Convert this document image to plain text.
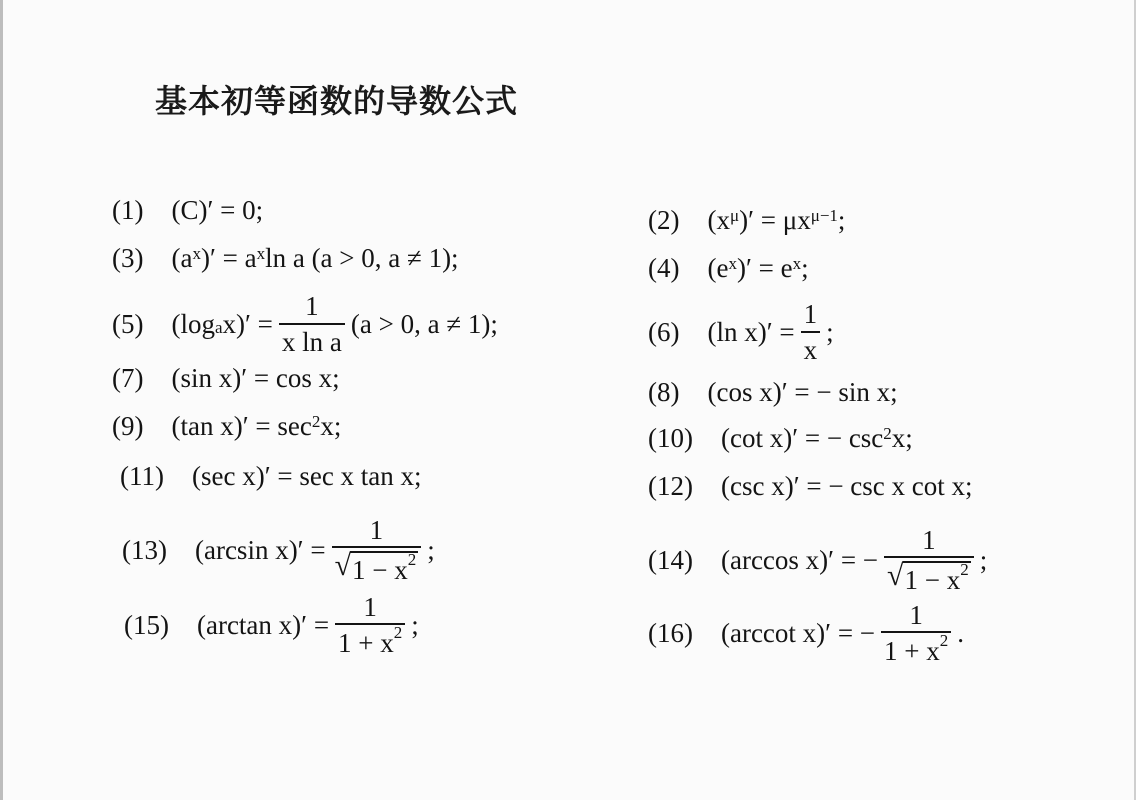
基本初等函数的导数公式
(1) (C)′ = 0;	(2) ($x^\mu$ )′ = $\mu x^{\mu-1}$ ;
(3) ($a^x$ )′ = $a^x$ ln a (a > 0, a ≠ 1);	(4) ($e^x$ )′ = $e^x$ ;
(5) ($\log_a$ $x)' = \frac{1}{\text{x ln a}} (a > 0$, a ≠ 1);	(6) (ln $x)' = \frac{1}{x}$ ;
(7) (sin x)′ = cos x;	(8) (cos x)′ = − sin x;
(9) (tan $x)' = \sec^2 x$;	(10) (cot x)′ = − $\csc^2 x$;
(11) (sec x)′ = sec x tan x;	(12) (csc x)′ = − csc x cot x;
(13) (arcsin $x)' = \frac{1}{√ 1 - x^2}$ ;	(14) (arccos x)′ = − $\frac{1}{√ 1 - x^2}$ ;
(15) (arctan $x)' = \frac{1}{1 + x^2}$ ;	(16) (arccot x)′ = − $\frac{1}{1 + x^2}$ .
